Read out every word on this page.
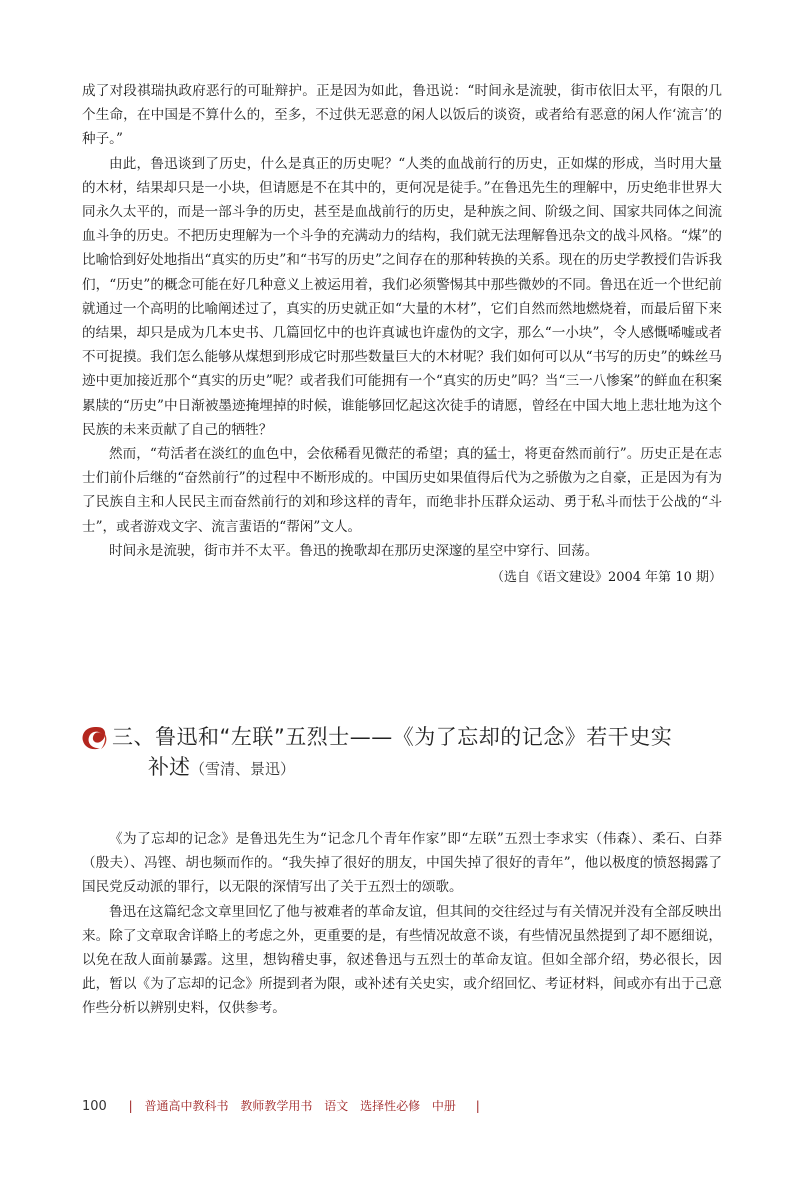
成了对段祺瑞执政府恶行的可耻辩护。正是因为如此，鲁迅说：“时间永是流驶，街市依旧太平，有限的几个生命，在中国是不算什么的，至多，不过供无恶意的闲人以饭后的谈资，或者给有恶意的闲人作‘流言’的种子。”

由此，鲁迅谈到了历史，什么是真正的历史呢？“人类的血战前行的历史，正如煤的形成，当时用大量的木材，结果却只是一小块，但请愿是不在其中的，更何况是徒手。”在鲁迅先生的理解中，历史绝非世界大同永久太平的，而是一部斗争的历史，甚至是血战前行的历史，是种族之间、阶级之间、国家共同体之间流血斗争的历史。不把历史理解为一个斗争的充满动力的结构，我们就无法理解鲁迅杂文的战斗风格。“煤”的比喻恰到好处地指出“真实的历史”和“书写的历史”之间存在的那种转换的关系。现在的历史学教授们告诉我们，“历史”的概念可能在好几种意义上被运用着，我们必须警惕其中那些微妙的不同。鲁迅在近一个世纪前就通过一个高明的比喻阐述过了，真实的历史就正如“大量的木材”，它们自然而然地燃烧着，而最后留下来的结果，却只是成为几本史书、几篇回忆中的也许真诚也许虚伪的文字，那么“一小块”，令人感慨唏嘘或者不可捉摸。我们怎么能够从煤想到形成它时那些数量巨大的木材呢？我们如何可以从“书写的历史”的蛛丝马迹中更加接近那个“真实的历史”呢？或者我们可能拥有一个“真实的历史”吗？当“三一八惨案”的鲜血在积案累牍的“历史”中日渐被墨迹掩埋掉的时候，谁能够回忆起这次徒手的请愿，曾经在中国大地上悲壮地为这个民族的未来贡献了自己的牺牲？

然而，“苟活者在淡红的血色中，会依稀看见微茫的希望；真的猛士，将更奋然而前行”。历史正是在志士们前仆后继的“奋然前行”的过程中不断形成的。中国历史如果值得后代为之骄傲为之自豪，正是因为有为了民族自主和人民民主而奋然前行的刘和珍这样的青年，而绝非扑压群众运动、勇于私斗而怯于公战的“斗士”，或者游戏文字、流言蜚语的“帮闲”文人。

时间永是流驶，街市并不太平。鲁迅的挽歌却在那历史深邃的星空中穿行、回荡。

（选自《语文建设》2004 年第 10 期）

三、鲁迅和“左联”五烈士——《为了忘却的记念》若干史实
补述（雪清、景迅）

《为了忘却的记念》是鲁迅先生为“记念几个青年作家”即“左联”五烈士李求实（伟森）、柔石、白莽（殷夫）、冯铿、胡也频而作的。“我失掉了很好的朋友，中国失掉了很好的青年”，他以极度的愤怒揭露了国民党反动派的罪行，以无限的深情写出了关于五烈士的颂歌。

鲁迅在这篇纪念文章里回忆了他与被难者的革命友谊，但其间的交往经过与有关情况并没有全部反映出来。除了文章取舍详略上的考虑之外，更重要的是，有些情况故意不谈，有些情况虽然提到了却不愿细说，以免在敌人面前暴露。这里，想钩稽史事，叙述鲁迅与五烈士的革命友谊。但如全部介绍，势必很长，因此，暂以《为了忘却的记念》所提到者为限，或补述有关史实，或介绍回忆、考证材料，间或亦有出于己意作些分析以辨别史料，仅供参考。

100 | 普通高中教科书 教师教学用书 语文 选择性必修 中册 |
